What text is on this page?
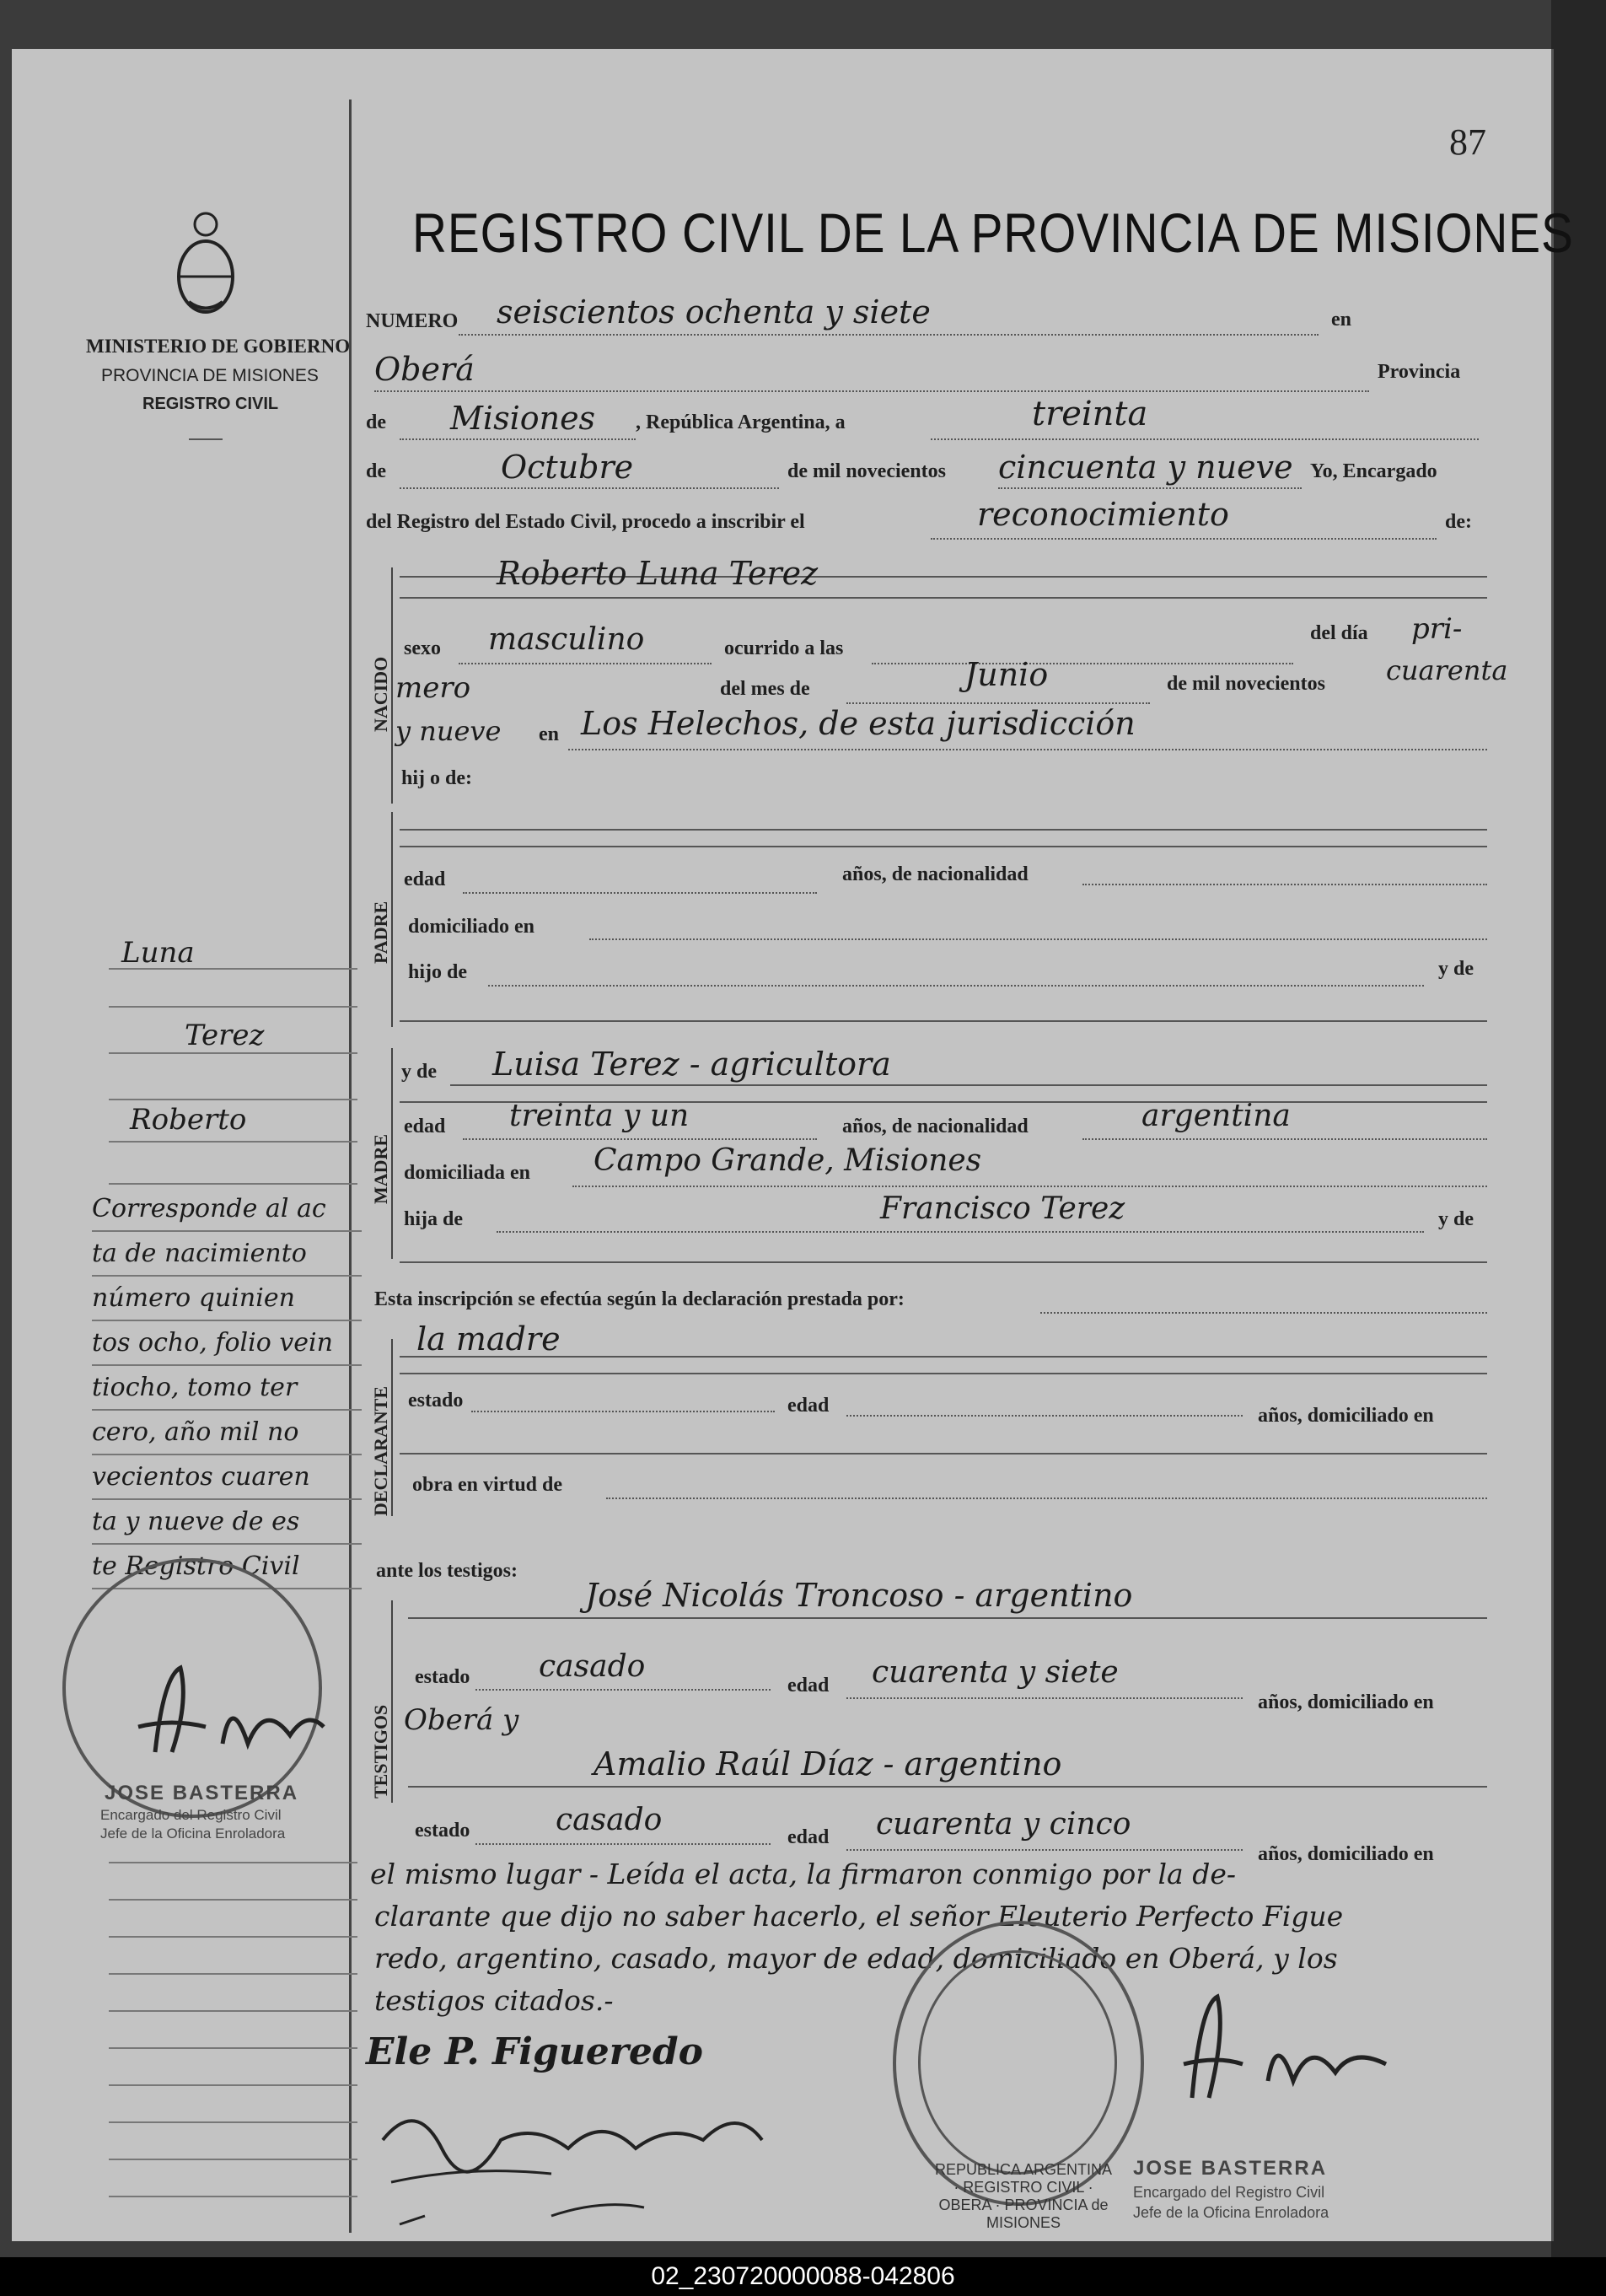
87
MINISTERIO DE GOBIERNO
PROVINCIA DE MISIONES
REGISTRO CIVIL
REGISTRO CIVIL DE LA PROVINCIA DE MISIONES
NUMERO seiscientos ochenta y siete	en
Oberá	Provincia
de Misiones , República Argentina, a	treinta
de	Octubre	de mil novecientos cincuenta y nueve Yo, Encargado
del Registro del Estado Civil, procedo a inscribir el	reconocimiento	de:
NACIDO
Roberto Luna Terez
sexo masculino	ocurrido a las
del día pri-
mero	del mes de	Junio	de mil novecientos cuarenta
y nueve en Los Helechos, de esta jurisdicción
hij o de:
PADRE
edad	años, de nacionalidad
domiciliado en
hijo de	y de
MADRE
y de Luisa Terez - agricultora
edad treinta y un	años, de nacionalidad	argentina
domiciliada en Campo Grande, Misiones
hija de	Francisco Terez	y de
Esta inscripción se efectúa según la declaración prestada por:
DECLARANTE
la madre
estado	edad	años, domiciliado en
obra en virtud de
ante los testigos:
TESTIGOS
José Nicolás Troncoso - argentino
estado casado
edad cuarenta y siete
años, domiciliado en
Oberá y
Amalio Raúl Díaz - argentino
estado	casado	edad cuarenta y cinco
años, domiciliado en
el mismo lugar - Leída el acta, la firmaron conmigo por la de-
clarante que dijo no saber hacerlo, el señor Eleuterio Perfecto Figue
redo, argentino, casado, mayor de edad, domiciliado en Oberá, y los
testigos citados.-
Ele P. Figueredo
REPUBLICA ARGENTINA · REGISTRO CIVIL · OBERA · PROVINCIA de MISIONES
JOSE BASTERRA
Encargado del Registro Civil
Jefe de la Oficina Enroladora
Luna
Terez
Roberto
Corresponde al ac
ta de nacimiento
número quinien
tos ocho, folio vein
tiocho, tomo ter
cero, año mil no
vecientos cuaren
ta y nueve de es
te Registro Civil
JOSE BASTERRA
Encargado del Registro Civil
Jefe de la Oficina Enroladora
02_230720000088-042806
